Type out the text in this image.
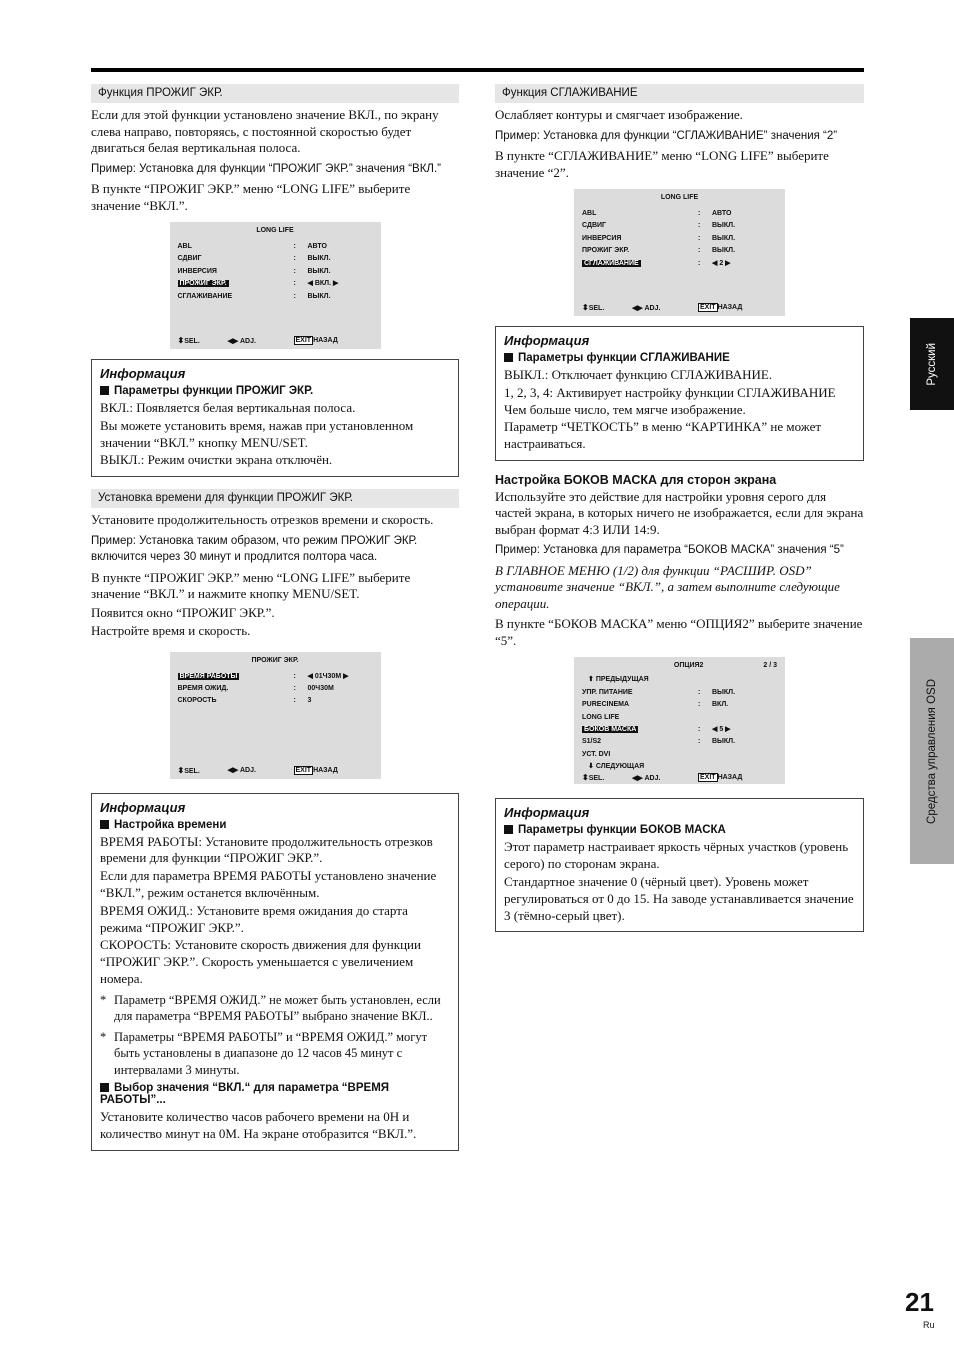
Функция ПРОЖИГ ЭКР.

Если для этой функции установлено значение ВКЛ., по экрану слева направо, повторяясь, с постоянной скоростью будет двигаться белая вертикальная полоса.

Пример: Установка для функции “ПРОЖИГ ЭКР.” значения “ВКЛ.”

В пункте “ПРОЖИГ ЭКР.” меню “LONG LIFE” выберите значение “ВКЛ.”.

LONG LIFE
ABL	:	АВТО
СДВИГ	:	ВЫКЛ.
ИНВЕРСИЯ	:	ВЫКЛ.
ПРОЖИГ ЭКР.	:	◀ ВКЛ. ▶
СГЛАЖИВАНИЕ	:	ВЫКЛ.
⬍SEL.	◀▶ ADJ.	EXIT НАЗАД
Информация
Параметры функции ПРОЖИГ ЭКР.

ВКЛ.: Появляется белая вертикальная полоса.

Вы можете установить время, нажав при установленном значении “ВКЛ.” кнопку MENU/SET.

ВЫКЛ.: Режим очистки экрана отключён.

Установка времени для функции ПРОЖИГ ЭКР.

Установите продолжительность отрезков времени и скорость.

Пример: Установка таким образом, что режим ПРОЖИГ ЭКР. включится через 30 минут и продлится полтора часа.

В пункте “ПРОЖИГ ЭКР.” меню “LONG LIFE” выберите значение “ВКЛ.” и нажмите кнопку MENU/SET.

Появится окно “ПРОЖИГ ЭКР.”.

Настройте время и скорость.

ПРОЖИГ ЭКР.
ВРЕМЯ РАБОТЫ	:	◀ 01Ч30М ▶
ВРЕМЯ ОЖИД.	:	00Ч30М
СКОРОСТЬ	:	3
⬍SEL.	◀▶ ADJ.	EXIT НАЗАД
Информация
Настройка времени

ВРЕМЯ РАБОТЫ: Установите продолжительность отрезков времени для функции “ПРОЖИГ ЭКР.”.

Если для параметра ВРЕМЯ РАБОТЫ установлено значение “ВКЛ.”, режим останется включённым.

ВРЕМЯ ОЖИД.: Установите время ожидания до старта режима “ПРОЖИГ ЭКР.”.

СКОРОСТЬ: Установите скорость движения для функции “ПРОЖИГ ЭКР.”. Скорость уменьшается с увеличением номера.

* Параметр “ВРЕМЯ ОЖИД.” не может быть установлен, если для параметра “ВРЕМЯ РАБОТЫ” выбрано значение ВКЛ..
* Параметры “ВРЕМЯ РАБОТЫ” и “ВРЕМЯ ОЖИД.” могут быть установлены в диапазоне до 12 часов 45 минут с интервалами 3 минуты.
Выбор значения “ВКЛ.“ для параметра “ВРЕМЯ РАБОТЫ”...

Установите количество часов рабочего времени на 0Н и количество минут на 0М. На экране отобразится “ВКЛ.”.

Функция СГЛАЖИВАНИЕ

Ослабляет контуры и смягчает изображение.

Пример: Установка для функции “СГЛАЖИВАНИЕ” значения “2”

В пункте “СГЛАЖИВАНИЕ” меню “LONG LIFE” выберите значение “2”.

LONG LIFE
ABL	:	АВТО
СДВИГ	:	ВЫКЛ.
ИНВЕРСИЯ	:	ВЫКЛ.
ПРОЖИГ ЭКР.	:	ВЫКЛ.
СГЛАЖИВАНИЕ	:	◀ 2 ▶
⬍SEL.	◀▶ ADJ.	EXIT НАЗАД
Информация
Параметры функции СГЛАЖИВАНИЕ

ВЫКЛ.: Отключает функцию СГЛАЖИВАНИЕ.

1, 2, 3, 4: Активирует настройку функции СГЛАЖИВАНИЕ Чем больше число, тем мягче изображение.

Параметр “ЧЕТКОСТЬ” в меню “КАРТИНКА” не может настраиваться.

Настройка БОКОВ МАСКА для сторон экрана

Используйте это действие для настройки уровня серого для частей экрана, в которых ничего не изображается, если для экрана выбран формат 4:3 ИЛИ 14:9.

Пример: Установка для параметра “БОКОВ МАСКА” значения “5”

В ГЛАВНОЕ МЕНЮ (1/2) для функции “РАСШИР. OSD” установите значение “ВКЛ.”, а затем выполните следующие операции.

В пункте “БОКОВ МАСКА” меню “ОПЦИЯ2” выберите значение “5”.

ОПЦИЯ2	2 / 3
⬆ ПРЕДЫДУЩАЯ
УПР. ПИТАНИЕ	:	ВЫКЛ.
PURECINEMA	:	ВКЛ.
LONG LIFE
БОКОВ МАСКА	:	◀ 5 ▶
S1/S2	:	ВЫКЛ.
УСТ. DVI
⬇ СЛЕДУЮЩАЯ
⬍SEL.	◀▶ ADJ.	EXIT НАЗАД
Информация
Параметры функции БОКОВ МАСКА

Этот параметр настраивает яркость чёрных участков (уровень серого) по сторонам экрана.

Стандартное значение 0 (чёрный цвет). Уровень может регулироваться от 0 до 15. На заводе устанавливается значение 3 (тёмно-серый цвет).

Русский
Средства управления OSD
21
Ru
